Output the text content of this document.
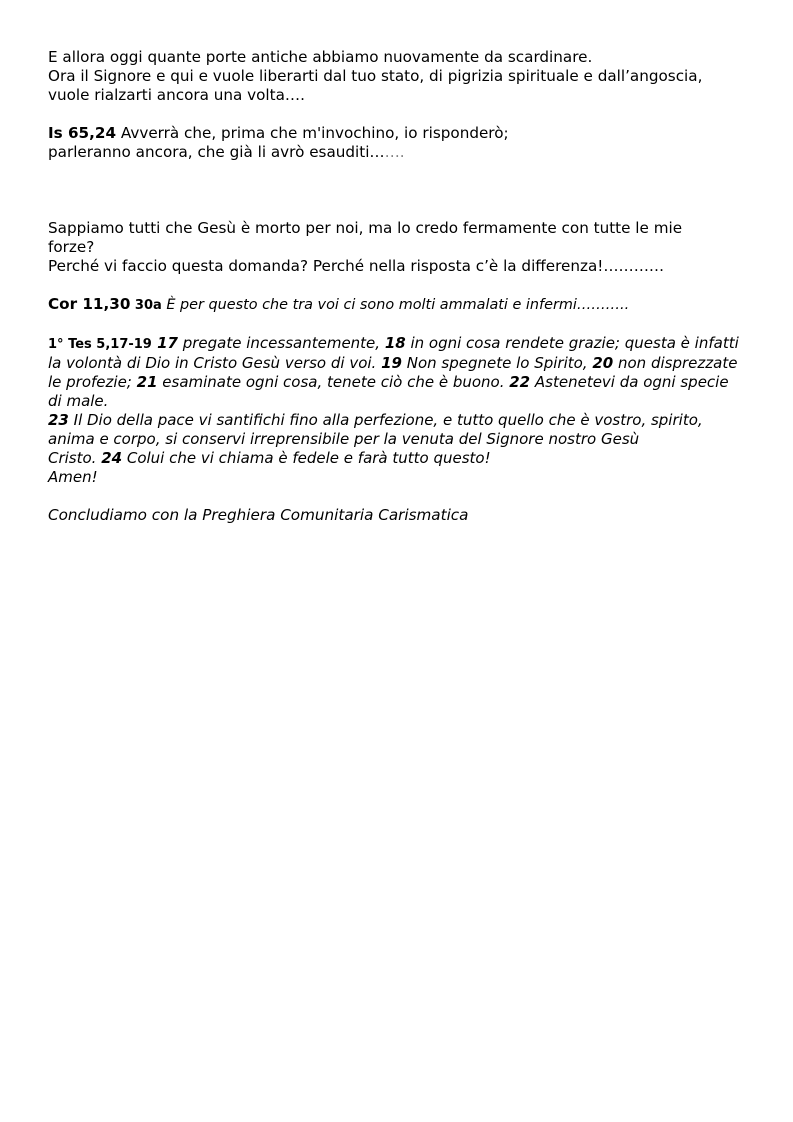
E allora oggi quante porte antiche abbiamo nuovamente da scardinare.
Ora il Signore e qui e vuole liberarti dal tuo stato, di pigrizia spirituale e dall’angoscia,
vuole rialzarti ancora una volta….
Is 65,24 Avverrà che, prima che m'invochino, io risponderò;
parleranno ancora, che già li avrò esauditi…….
Sappiamo tutti che Gesù è morto per noi, ma lo credo fermamente con tutte le mie
forze?
Perché vi faccio questa domanda? Perché nella risposta c’è la differenza!…………
Cor 11,30 30a È per questo che tra voi ci sono molti ammalati e infermi………..
1° Tes 5,17-19 17 pregate incessantemente, 18 in ogni cosa rendete grazie; questa è infatti
la volontà di Dio in Cristo Gesù verso di voi. 19 Non spegnete lo Spirito, 20 non disprezzate
le profezie; 21 esaminate ogni cosa, tenete ciò che è buono. 22 Astenetevi da ogni specie
di male.
23 Il Dio della pace vi santifichi fino alla perfezione, e tutto quello che è vostro, spirito,
anima e corpo, si conservi irreprensibile per la venuta del Signore nostro Gesù
Cristo. 24 Colui che vi chiama è fedele e farà tutto questo!
Amen!
Concludiamo con la Preghiera Comunitaria Carismatica
